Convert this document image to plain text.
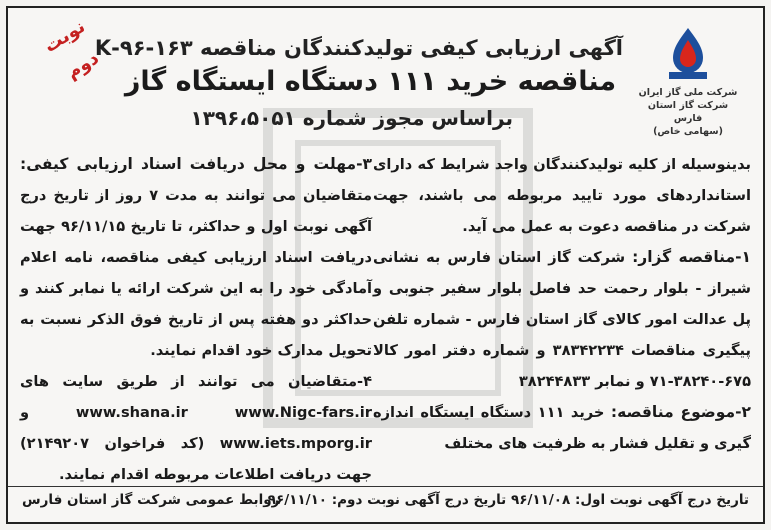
نوبت دوم
آگهی ارزیابی کیفی تولیدکنندگان مناقصه ۱۶۳-۹۶-K
مناقصه خرید ۱۱۱ دستگاه ایستگاه گاز
براساس مجوز شماره ۱۳۹۶،۵۰۵۱
شرکت ملی گاز ایران
شرکت گاز استان فارس
(سهامی خاص)

بدینوسیله از کلیه تولیدکنندگان واجد شرایط که دارای استانداردهای مورد تایید مربوطه می باشند، جهت شرکت در مناقصه دعوت به عمل می آید.

۱-مناقصه گزار: شرکت گاز استان فارس به نشانی شیراز - بلوار رحمت حد فاصل بلوار سفیر جنوبی و پل عدالت امور کالای گاز استان فارس - شماره تلفن پیگیری مناقصات ۳۸۳۴۲۲۳۴ و شماره دفتر امور کالا ۶۷۵-۳۸۲۴۰-۷۱ و نمابر ۳۸۲۴۴۸۳۳

۲-موضوع مناقصه: خرید ۱۱۱ دستگاه ایستگاه اندازه گیری و تقلیل فشار به ظرفیت های مختلف

۳-مهلت و محل دریافت اسناد ارزیابی کیفی: متقاضیان می توانند به مدت ۷ روز از تاریخ درج آگهی نوبت اول و حداکثر، تا تاریخ ۹۶/۱۱/۱۵ جهت دریافت اسناد ارزیابی کیفی مناقصه، نامه اعلام آمادگی خود را به این شرکت ارائه یا نمابر کنند و حداکثر دو هفته پس از تاریخ فوق الذکر نسبت به تحویل مدارک خود اقدام نمایند.

۴-متقاضیان می توانند از طریق سایت های www.shana.ir	www.Nigc-fars.ir و www.iets.mporg.ir (کد فراخوان ۲۱۴۹۲۰۷) جهت دریافت اطلاعات مربوطه اقدام نمایند.

تاریخ درج آگهی نوبت اول: ۹۶/۱۱/۰۸ تاریخ درج آگهی نوبت دوم: ۹۶/۱۱/۱۰
روابط عمومی شرکت گاز استان فارس
